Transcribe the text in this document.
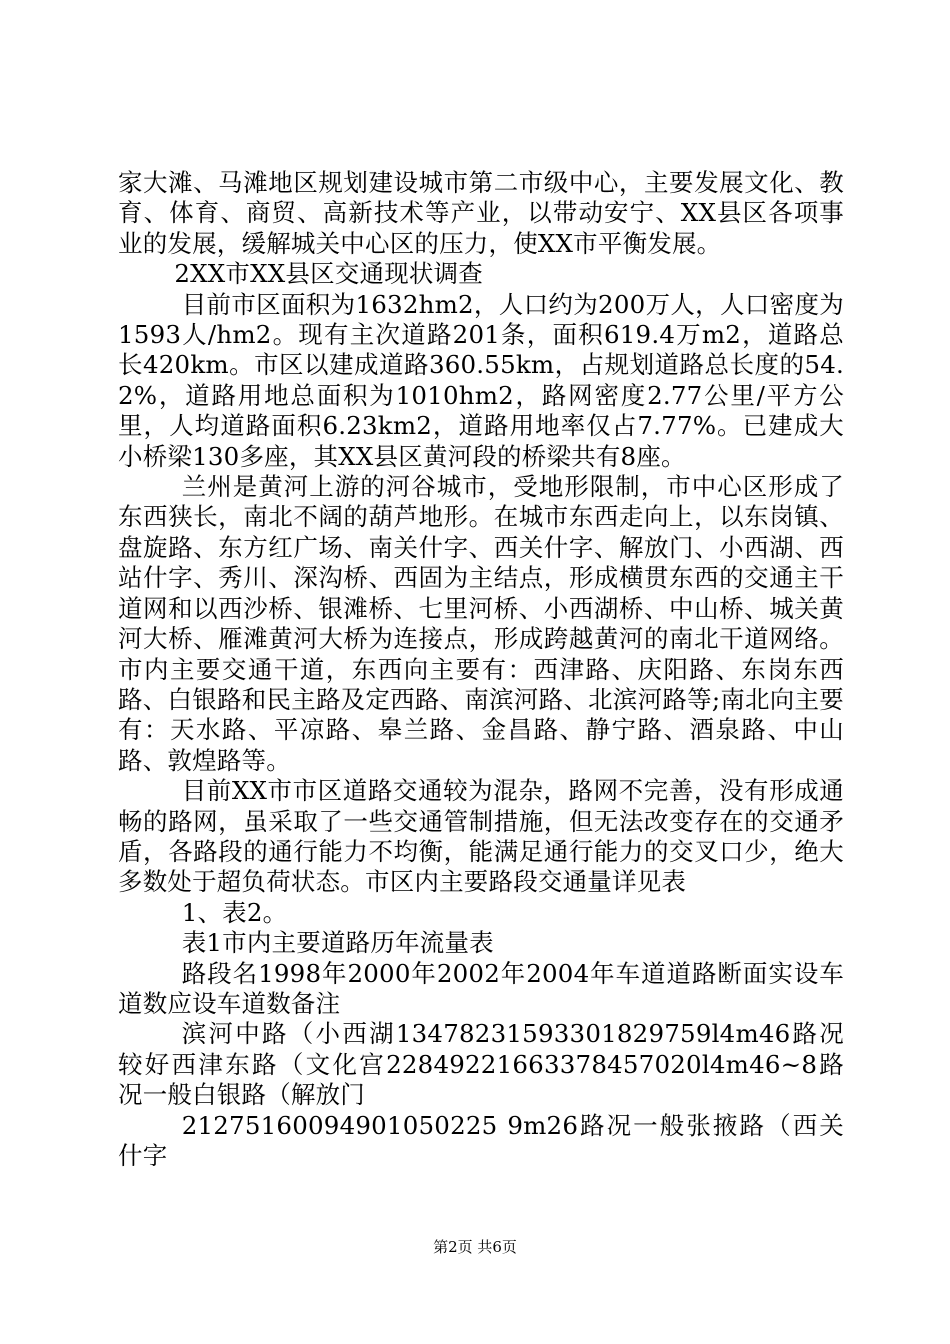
家大滩、马滩地区规划建设城市第二市级中心，主要发展文化、教育、体育、商贸、高新技术等产业，以带动安宁、XX县区各项事业的发展，缓解城关中心区的压力，使XX市平衡发展。

2XX市XX县区交通现状调查

目前市区面积为1632hm2，人口约为200万人，人口密度为1593人/hm2。现有主次道路201条，面积619.4万m2，道路总长420km。市区以建成道路360.55km，占规划道路总长度的54.2%，道路用地总面积为1010hm2，路网密度2.77公里/平方公里，人均道路面积6.23km2，道路用地率仅占7.77%。已建成大小桥梁130多座，其XX县区黄河段的桥梁共有8座。

兰州是黄河上游的河谷城市，受地形限制，市中心区形成了东西狭长，南北不阔的葫芦地形。在城市东西走向上，以东岗镇、盘旋路、东方红广场、南关什字、西关什字、解放门、小西湖、西站什字、秀川、深沟桥、西固为主结点，形成横贯东西的交通主干道网和以西沙桥、银滩桥、七里河桥、小西湖桥、中山桥、城关黄河大桥、雁滩黄河大桥为连接点，形成跨越黄河的南北干道网络。市内主要交通干道，东西向主要有：西津路、庆阳路、东岗东西路、白银路和民主路及定西路、南滨河路、北滨河路等;南北向主要有：天水路、平凉路、皋兰路、金昌路、静宁路、酒泉路、中山路、敦煌路等。

目前XX市市区道路交通较为混杂，路网不完善，没有形成通畅的路网，虽采取了一些交通管制措施，但无法改变存在的交通矛盾，各路段的通行能力不均衡，能满足通行能力的交叉口少，绝大多数处于超负荷状态。市区内主要路段交通量详见表

1、表2。

表1市内主要道路历年流量表

路段名1998年2000年2002年2004年车道道路断面实设车道数应设车道数备注

滨河中路（小西湖13478231593301829759l4m46路况较好西津东路（文化宫22849221663378457020l4m46~8路况一般白银路（解放门

21275160094901050225 9m26路况一般张掖路（西关什字

第2页 共6页
